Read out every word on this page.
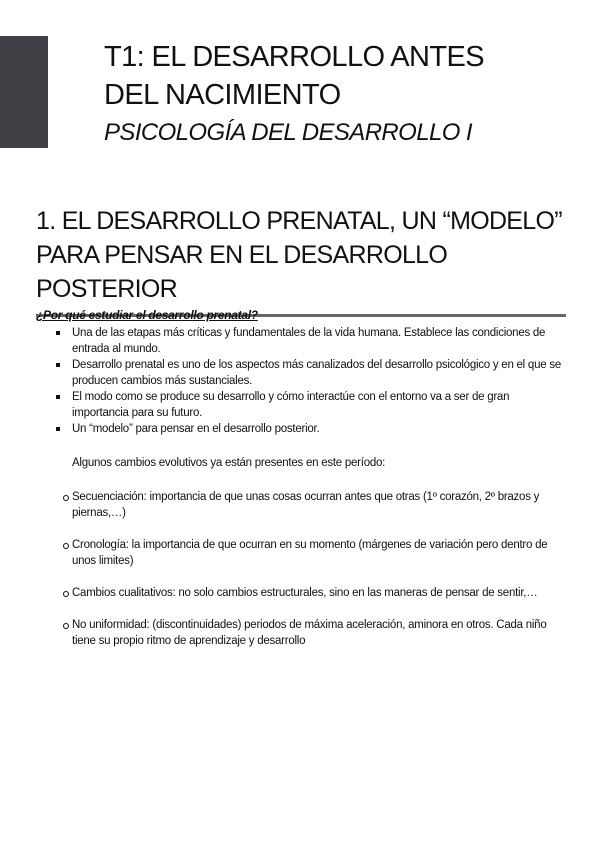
T1: EL DESARROLLO ANTES
DEL NACIMIENTO
PSICOLOGÍA DEL DESARROLLO I
1. EL DESARROLLO PRENATAL, UN “MODELO”
PARA PENSAR EN EL DESARROLLO POSTERIOR
¿Por qué estudiar el desarrollo prenatal?
Una de las etapas más críticas y fundamentales de la vida humana. Establece las condiciones de entrada al mundo.
Desarrollo prenatal es uno de los aspectos más canalizados del desarrollo psicológico y en el que se producen cambios más sustanciales.
El modo como se produce su desarrollo y cómo interactúe con el entorno va a ser de gran importancia para su futuro.
Un “modelo” para pensar en el desarrollo posterior.
Algunos cambios evolutivos ya están presentes en este período:
Secuenciación: importancia de que unas cosas ocurran antes que otras (1º corazón, 2º brazos y piernas,…)
Cronología: la importancia de que ocurran en su momento (márgenes de variación pero dentro de unos limites)
Cambios cualitativos: no solo cambios estructurales, sino en las maneras de pensar de sentir,…
No uniformidad: (discontinuidades) periodos de máxima aceleración, aminora en otros. Cada niño tiene su propio ritmo de aprendizaje y desarrollo
